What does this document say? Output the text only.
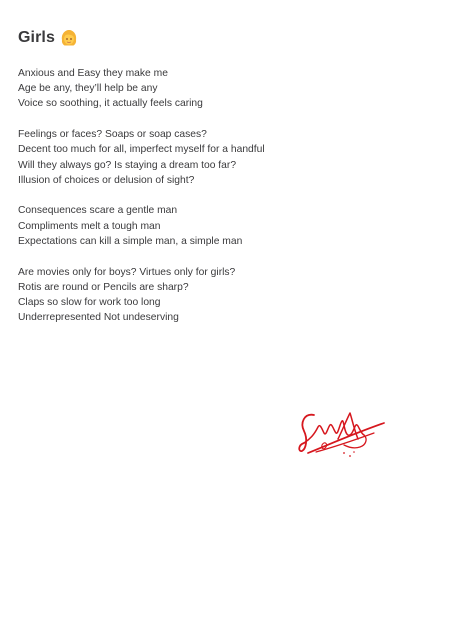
Girls
Anxious and Easy they make me
Age be any, they’ll help be any
Voice so soothing, it actually feels caring
Feelings or faces? Soaps or soap cases?
Decent too much for all, imperfect myself for a handful
Will they always go? Is staying a dream too far?
Illusion of choices or delusion of sight?
Consequences scare a gentle man
Compliments melt a tough man
Expectations can kill a simple man, a simple man
Are movies only for boys? Virtues only for girls?
Rotis are round or Pencils are sharp?
Claps so slow for work too long
Underrepresented Not undeserving
